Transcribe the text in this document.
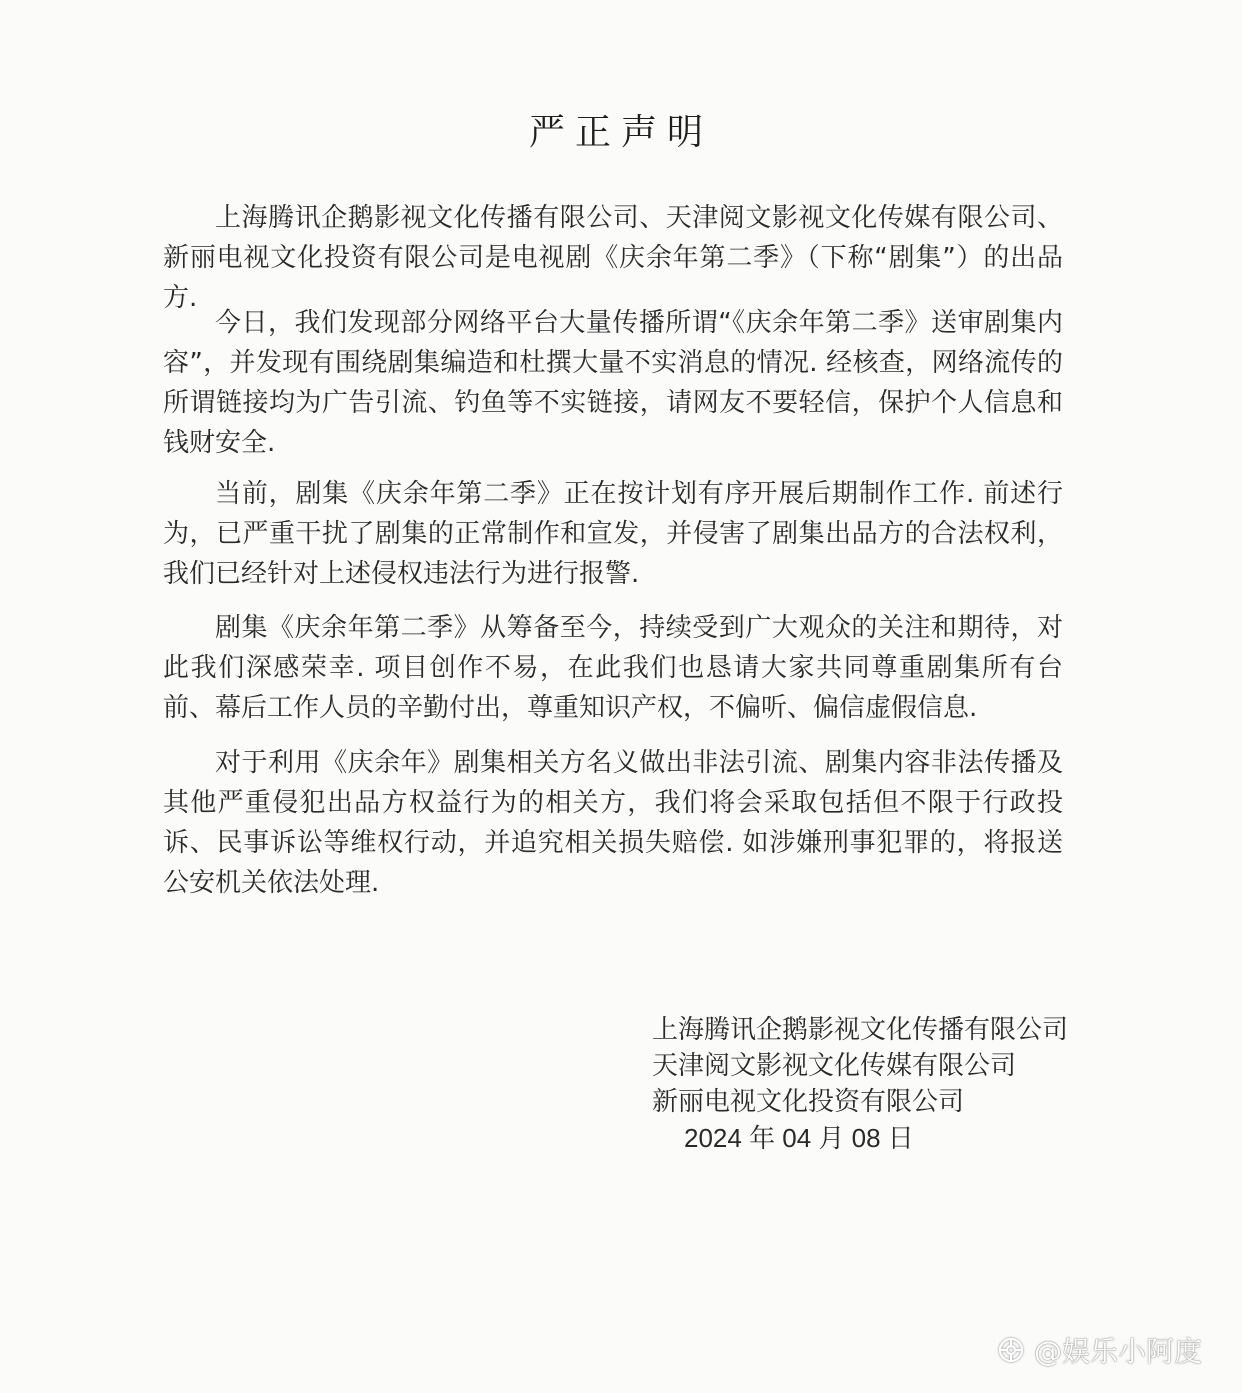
严正声明

上海腾讯企鹅影视文化传播有限公司、天津阅文影视文化传媒有限公司、新丽电视文化投资有限公司是电视剧《庆余年第二季》（下称“剧集”）的出品方.

今日，我们发现部分网络平台大量传播所谓“《庆余年第二季》送审剧集内容”，并发现有围绕剧集编造和杜撰大量不实消息的情况. 经核查，网络流传的所谓链接均为广告引流、钓鱼等不实链接，请网友不要轻信，保护个人信息和钱财安全.

当前，剧集《庆余年第二季》正在按计划有序开展后期制作工作. 前述行为，已严重干扰了剧集的正常制作和宣发，并侵害了剧集出品方的合法权利，我们已经针对上述侵权违法行为进行报警.

剧集《庆余年第二季》从筹备至今，持续受到广大观众的关注和期待，对此我们深感荣幸. 项目创作不易，在此我们也恳请大家共同尊重剧集所有台前、幕后工作人员的辛勤付出，尊重知识产权，不偏听、偏信虚假信息.

对于利用《庆余年》剧集相关方名义做出非法引流、剧集内容非法传播及其他严重侵犯出品方权益行为的相关方，我们将会采取包括但不限于行政投诉、民事诉讼等维权行动，并追究相关损失赔偿. 如涉嫌刑事犯罪的，将报送公安机关依法处理.

上海腾讯企鹅影视文化传播有限公司
天津阅文影视文化传媒有限公司
新丽电视文化投资有限公司
2024 年 04 月 08 日
@娱乐小阿度
